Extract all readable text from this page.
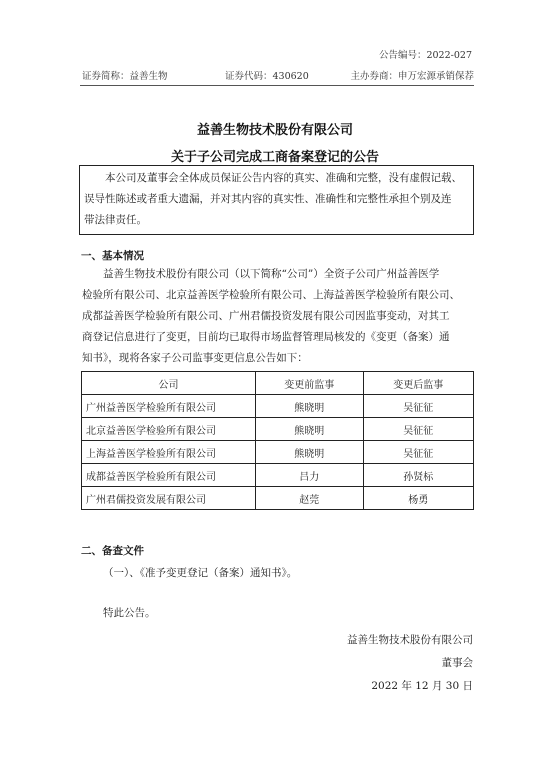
公告编号：2022-027
证券简称：益善生物	证券代码：430620	主办券商：申万宏源承销保荐
益善生物技术股份有限公司
关于子公司完成工商备案登记的公告
本公司及董事会全体成员保证公告内容的真实、准确和完整，没有虚假记载、
误导性陈述或者重大遗漏，并对其内容的真实性、准确性和完整性承担个别及连
带法律责任。
一、基本情况
益善生物技术股份有限公司（以下简称“公司”）全资子公司广州益善医学
检验所有限公司、北京益善医学检验所有限公司、上海益善医学检验所有限公司、
成都益善医学检验所有限公司、广州君儒投资发展有限公司因监事变动，对其工
商登记信息进行了变更，目前均已取得市场监督管理局核发的《变更（备案）通
知书》，现将各家子公司监事变更信息公告如下：
公司	变更前监事	变更后监事
广州益善医学检验所有限公司	熊晓明	吴征征
北京益善医学检验所有限公司	熊晓明	吴征征
上海益善医学检验所有限公司	熊晓明	吴征征
成都益善医学检验所有限公司	吕力	孙贤标
广州君儒投资发展有限公司	赵莞	杨勇
二、备查文件
（一）、《准予变更登记（备案）通知书》。
特此公告。
益善生物技术股份有限公司
董事会
2022 年 12 月 30 日
